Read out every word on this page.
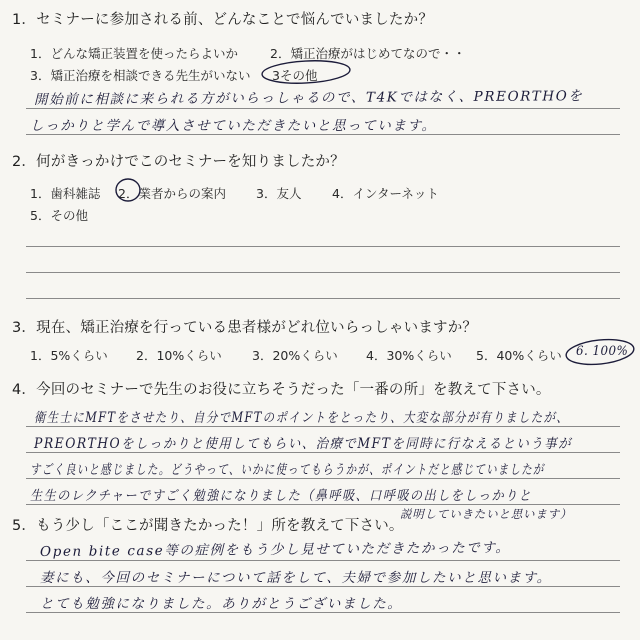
1．セミナーに参加される前、どんなことで悩んでいましたか？
1．どんな矯正装置を使ったらよいか	2．矯正治療がはじめてなので・・
3．矯正治療を相談できる先生がいない 3その他
開始前に相談に来られる方がいらっしゃるので、T4Kではなく、PREORTHOを
しっかりと学んで導入させていただきたいと思っています。
2．何がきっかけでこのセミナーを知りましたか？
1．歯科雑誌 2．業者からの案内 3．友人 4．インターネット
5．その他
3．現在、矯正治療を行っている患者様がどれ位いらっしゃいますか？
1．5%くらい 2．10%くらい 3．20%くらい 4．30%くらい 5．40%くらい 6. 100%
4．今回のセミナーで先生のお役に立ちそうだった「一番の所」を教えて下さい。
衛生士にMFTをさせたり、自分でMFTのポイントをとったり、大変な部分が有りましたが、
PREORTHOをしっかりと使用してもらい、治療でMFTを同時に行なえるという事が
すごく良いと感じました。どうやって、いかに使ってもらうかが、ポイントだと感じていましたが
生生のレクチャーですごく勉強になりました（鼻呼吸、口呼吸の出しをしっかりと
説明していきたいと思います）
5．もう少し「ここが聞きたかった！」所を教えて下さい。
Open bite case等の症例をもう少し見せていただきたかったです。
妻にも、今回のセミナーについて話をして、夫婦で参加したいと思います。
とても勉強になりました。ありがとうございました。
